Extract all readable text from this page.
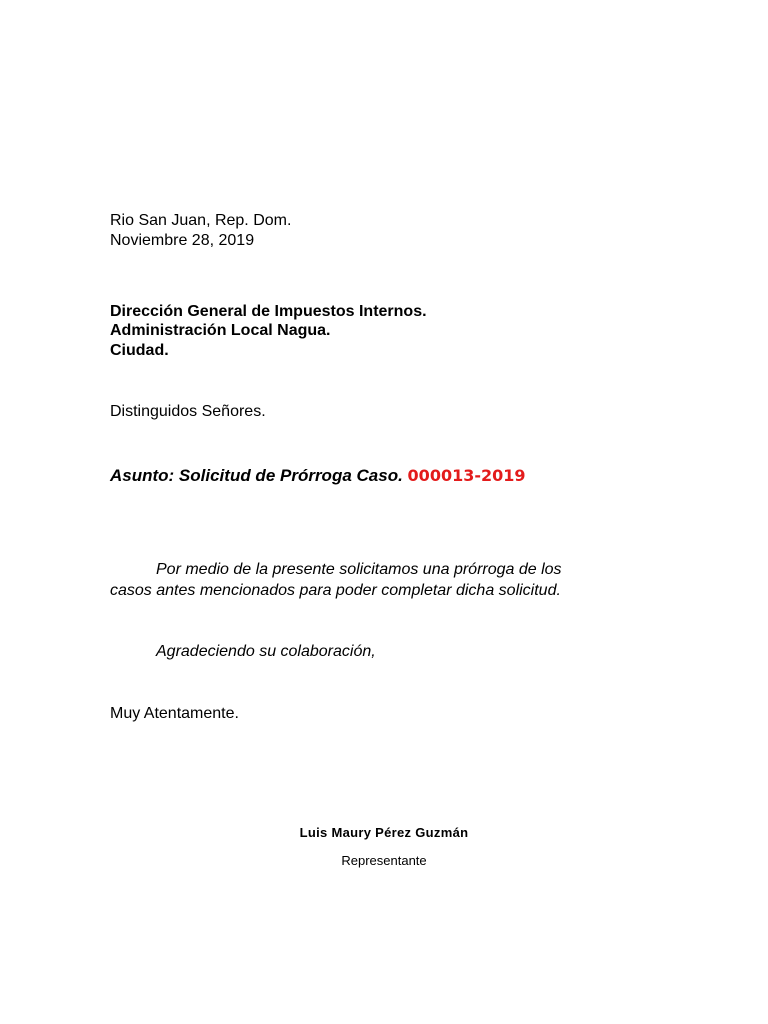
Rio San Juan, Rep. Dom.
Noviembre 28, 2019
Dirección General de Impuestos Internos.
Administración Local Nagua.
Ciudad.
Distinguidos Señores.
Asunto: Solicitud de Prórroga Caso. 000013-2019
Por medio de la presente solicitamos una prórroga de los
casos antes mencionados para poder completar dicha solicitud.
Agradeciendo su colaboración,
Muy Atentamente.
Luis Maury Pérez Guzmán
Representante
